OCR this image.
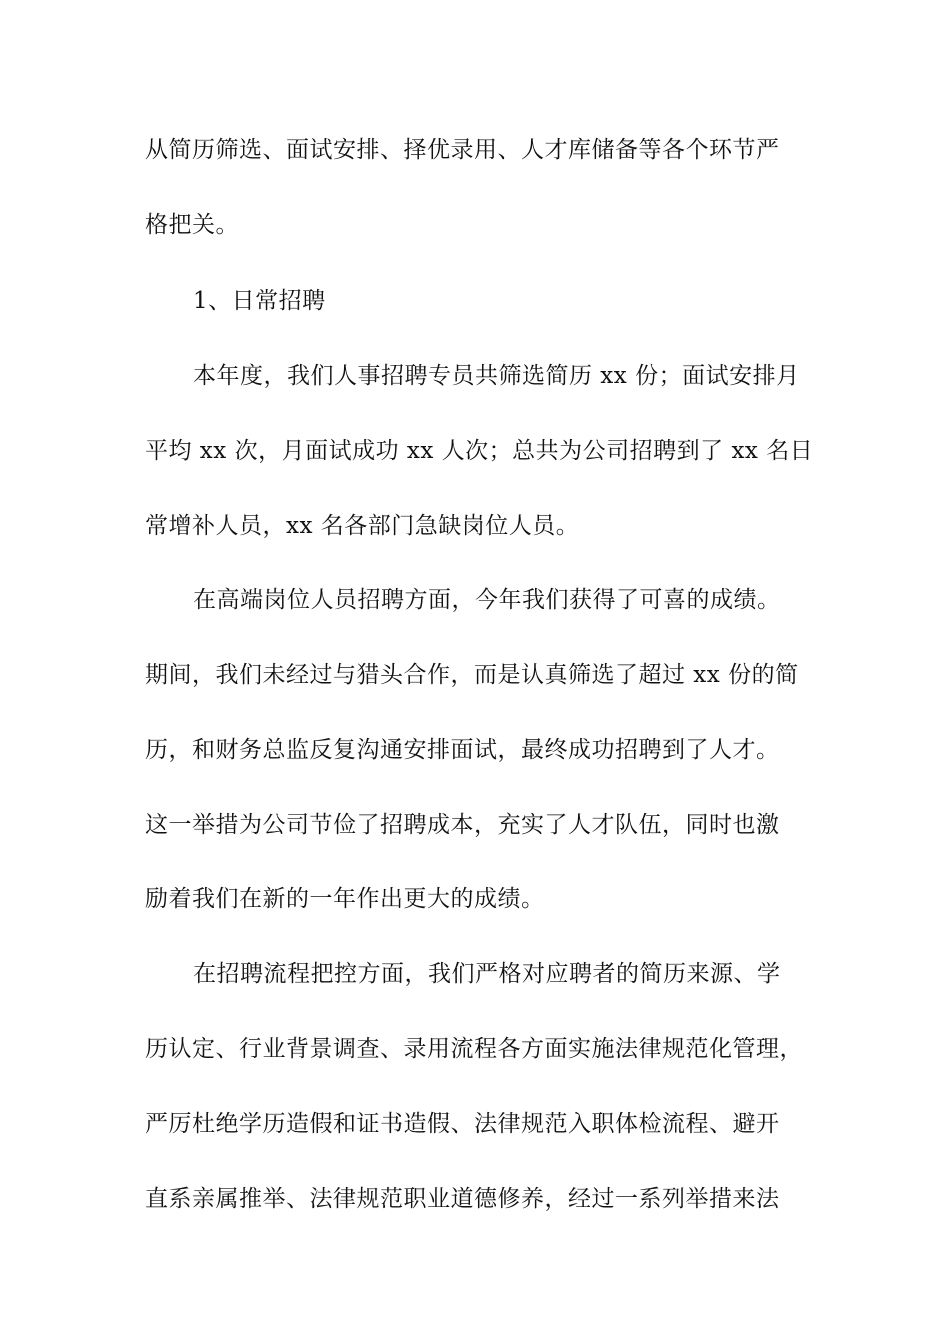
从简历筛选、面试安排、择优录用、人才库储备等各个环节严
格把关。
1、日常招聘
本年度，我们人事招聘专员共筛选简历 xx 份；面试安排月
平均 xx 次，月面试成功 xx 人次；总共为公司招聘到了 xx 名日
常增补人员，xx 名各部门急缺岗位人员。
在高端岗位人员招聘方面，今年我们获得了可喜的成绩。
期间，我们未经过与猎头合作，而是认真筛选了超过 xx 份的简
历，和财务总监反复沟通安排面试，最终成功招聘到了人才。
这一举措为公司节俭了招聘成本，充实了人才队伍，同时也激
励着我们在新的一年作出更大的成绩。
在招聘流程把控方面，我们严格对应聘者的简历来源、学
历认定、行业背景调查、录用流程各方面实施法律规范化管理，
严厉杜绝学历造假和证书造假、法律规范入职体检流程、避开
直系亲属推举、法律规范职业道德修养，经过一系列举措来法
